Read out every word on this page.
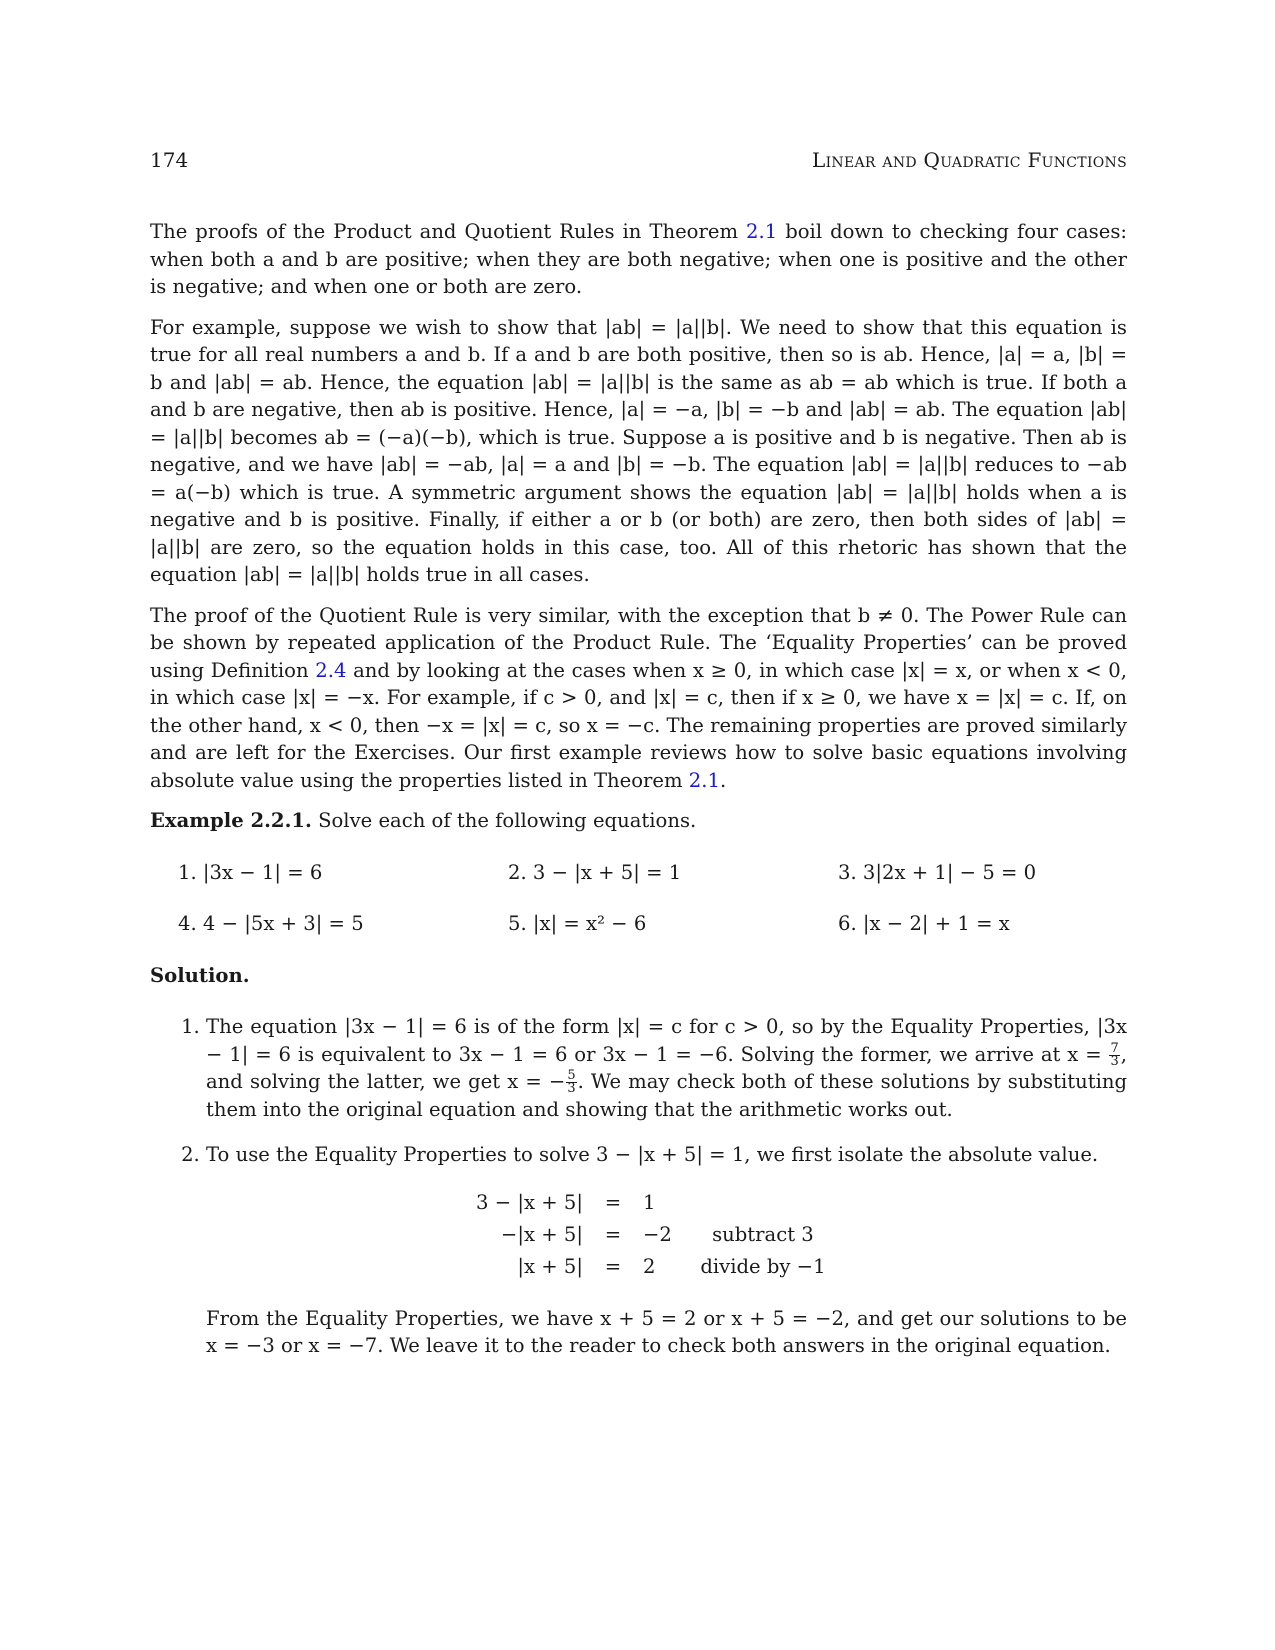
174	Linear and Quadratic Functions

The proofs of the Product and Quotient Rules in Theorem 2.1 boil down to checking four cases: when both a and b are positive; when they are both negative; when one is positive and the other is negative; and when one or both are zero.

For example, suppose we wish to show that |ab| = |a||b|. We need to show that this equation is true for all real numbers a and b. If a and b are both positive, then so is ab. Hence, |a| = a, |b| = b and |ab| = ab. Hence, the equation |ab| = |a||b| is the same as ab = ab which is true. If both a and b are negative, then ab is positive. Hence, |a| = −a, |b| = −b and |ab| = ab. The equation |ab| = |a||b| becomes ab = (−a)(−b), which is true. Suppose a is positive and b is negative. Then ab is negative, and we have |ab| = −ab, |a| = a and |b| = −b. The equation |ab| = |a||b| reduces to −ab = a(−b) which is true. A symmetric argument shows the equation |ab| = |a||b| holds when a is negative and b is positive. Finally, if either a or b (or both) are zero, then both sides of |ab| = |a||b| are zero, so the equation holds in this case, too. All of this rhetoric has shown that the equation |ab| = |a||b| holds true in all cases.

The proof of the Quotient Rule is very similar, with the exception that b ≠ 0. The Power Rule can be shown by repeated application of the Product Rule. The ‘Equality Properties’ can be proved using Definition 2.4 and by looking at the cases when x ≥ 0, in which case |x| = x, or when x < 0, in which case |x| = −x. For example, if c > 0, and |x| = c, then if x ≥ 0, we have x = |x| = c. If, on the other hand, x < 0, then −x = |x| = c, so x = −c. The remaining properties are proved similarly and are left for the Exercises. Our first example reviews how to solve basic equations involving absolute value using the properties listed in Theorem 2.1.

Example 2.2.1. Solve each of the following equations.

1. |3x − 1| = 6	2. 3 − |x + 5| = 1	3. 3|2x + 1| − 5 = 0
4. 4 − |5x + 3| = 5	5. |x| = x² − 6	6. |x − 2| + 1 = x
Solution.
1. The equation |3x − 1| = 6 is of the form |x| = c for c > 0, so by the Equality Properties, |3x − 1| = 6 is equivalent to 3x − 1 = 6 or 3x − 1 = −6. Solving the former, we arrive at $x = \frac{7}{3}$ , and solving the latter, we get x = − $\frac{5}{3}$ . We may check both of these solutions by substituting them into the original equation and showing that the arithmetic works out.
2. To use the Equality Properties to solve 3 − |x + 5| = 1, we first isolate the absolute value.
3 − |x + 5|	=	1	
−|x + 5|	=	−2	subtract 3
|x + 5|	=	2	divide by −1
From the Equality Properties, we have x + 5 = 2 or x + 5 = −2, and get our solutions to be x = −3 or x = −7. We leave it to the reader to check both answers in the original equation.
